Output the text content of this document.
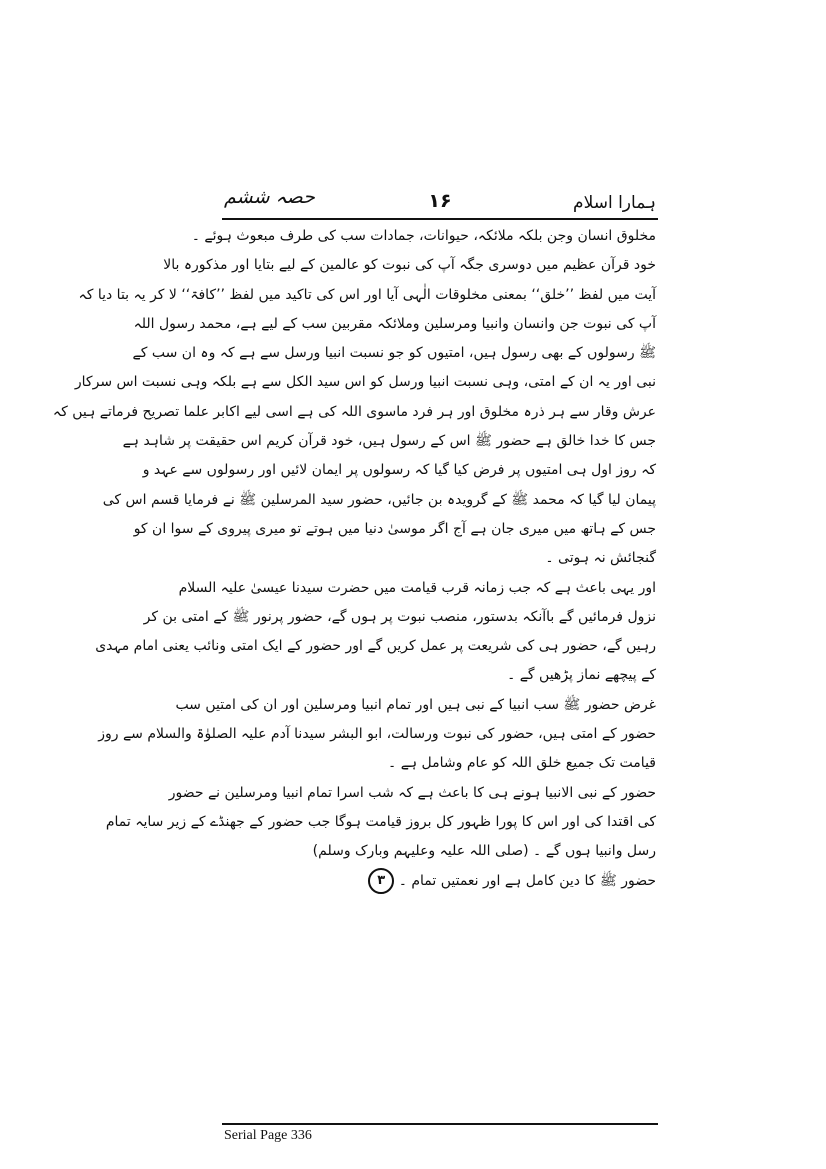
ہمارا اسلام
۱۶
حصہ ششم
مخلوق انسان وجن بلکہ ملائکہ، حیوانات، جمادات سب کی طرف مبعوث ہوئے ۔
خود قرآن عظیم میں دوسری جگہ آپ کی نبوت کو عالمین کے لیے بتایا اور مذکورہ بالا
آیت میں لفظ ’’خلق‘‘ بمعنی مخلوقات الٰہی آیا اور اس کی تاکید میں لفظ ’’کافۃ‘‘ لا کر یہ بتا دیا کہ
آپ کی نبوت جن وانسان وانبیا ومرسلین وملائکہ مقربین سب کے لیے ہے، محمد رسول اللہ
ﷺ رسولوں کے بھی رسول ہیں، امتیوں کو جو نسبت انبیا ورسل سے ہے کہ وہ ان سب کے
نبی اور یہ ان کے امتی، وہی نسبت انبیا ورسل کو اس سید الکل سے ہے بلکہ وہی نسبت اس سرکار
عرش وقار سے ہر ذرہ مخلوق اور ہر فرد ماسوی اللہ کی ہے اسی لیے اکابر علما تصریح فرماتے ہیں کہ
جس کا خدا خالق ہے حضور ﷺ اس کے رسول ہیں، خود قرآن کریم اس حقیقت پر شاہد ہے
کہ روز اول ہی امتیوں پر فرض کیا گیا کہ رسولوں پر ایمان لائیں اور رسولوں سے عہد و
پیمان لیا گیا کہ محمد ﷺ کے گرویدہ بن جائیں، حضور سید المرسلین ﷺ نے فرمایا قسم اس کی
جس کے ہاتھ میں میری جان ہے آج اگر موسیٰ دنیا میں ہوتے تو میری پیروی کے سوا ان کو
گنجائش نہ ہوتی ۔
اور یہی باعث ہے کہ جب زمانہ قرب قیامت میں حضرت سیدنا عیسیٰ علیہ السلام
نزول فرمائیں گے باآنکہ بدستور، منصب نبوت پر ہوں گے، حضور پرنور ﷺ کے امتی بن کر
رہیں گے، حضور ہی کی شریعت پر عمل کریں گے اور حضور کے ایک امتی ونائب یعنی امام مہدی
کے پیچھے نماز پڑھیں گے ۔
غرض حضور ﷺ سب انبیا کے نبی ہیں اور تمام انبیا ومرسلین اور ان کی امتیں سب
حضور کے امتی ہیں، حضور کی نبوت ورسالت، ابو البشر سیدنا آدم علیہ الصلوٰۃ والسلام سے روز
قیامت تک جمیع خلق اللہ کو عام وشامل ہے ۔
حضور کے نبی الانبیا ہونے ہی کا باعث ہے کہ شب اسرا تمام انبیا ومرسلین نے حضور
کی اقتدا کی اور اس کا پورا ظہور کل بروز قیامت ہوگا جب حضور کے جھنڈے کے زیر سایہ تمام
رسل وانبیا ہوں گے ۔ (صلی اللہ علیہ وعلیہم وبارک وسلم)
حضور ﷺ کا دین کامل ہے اور نعمتیں تمام ۔ ۳
Serial Page 336
